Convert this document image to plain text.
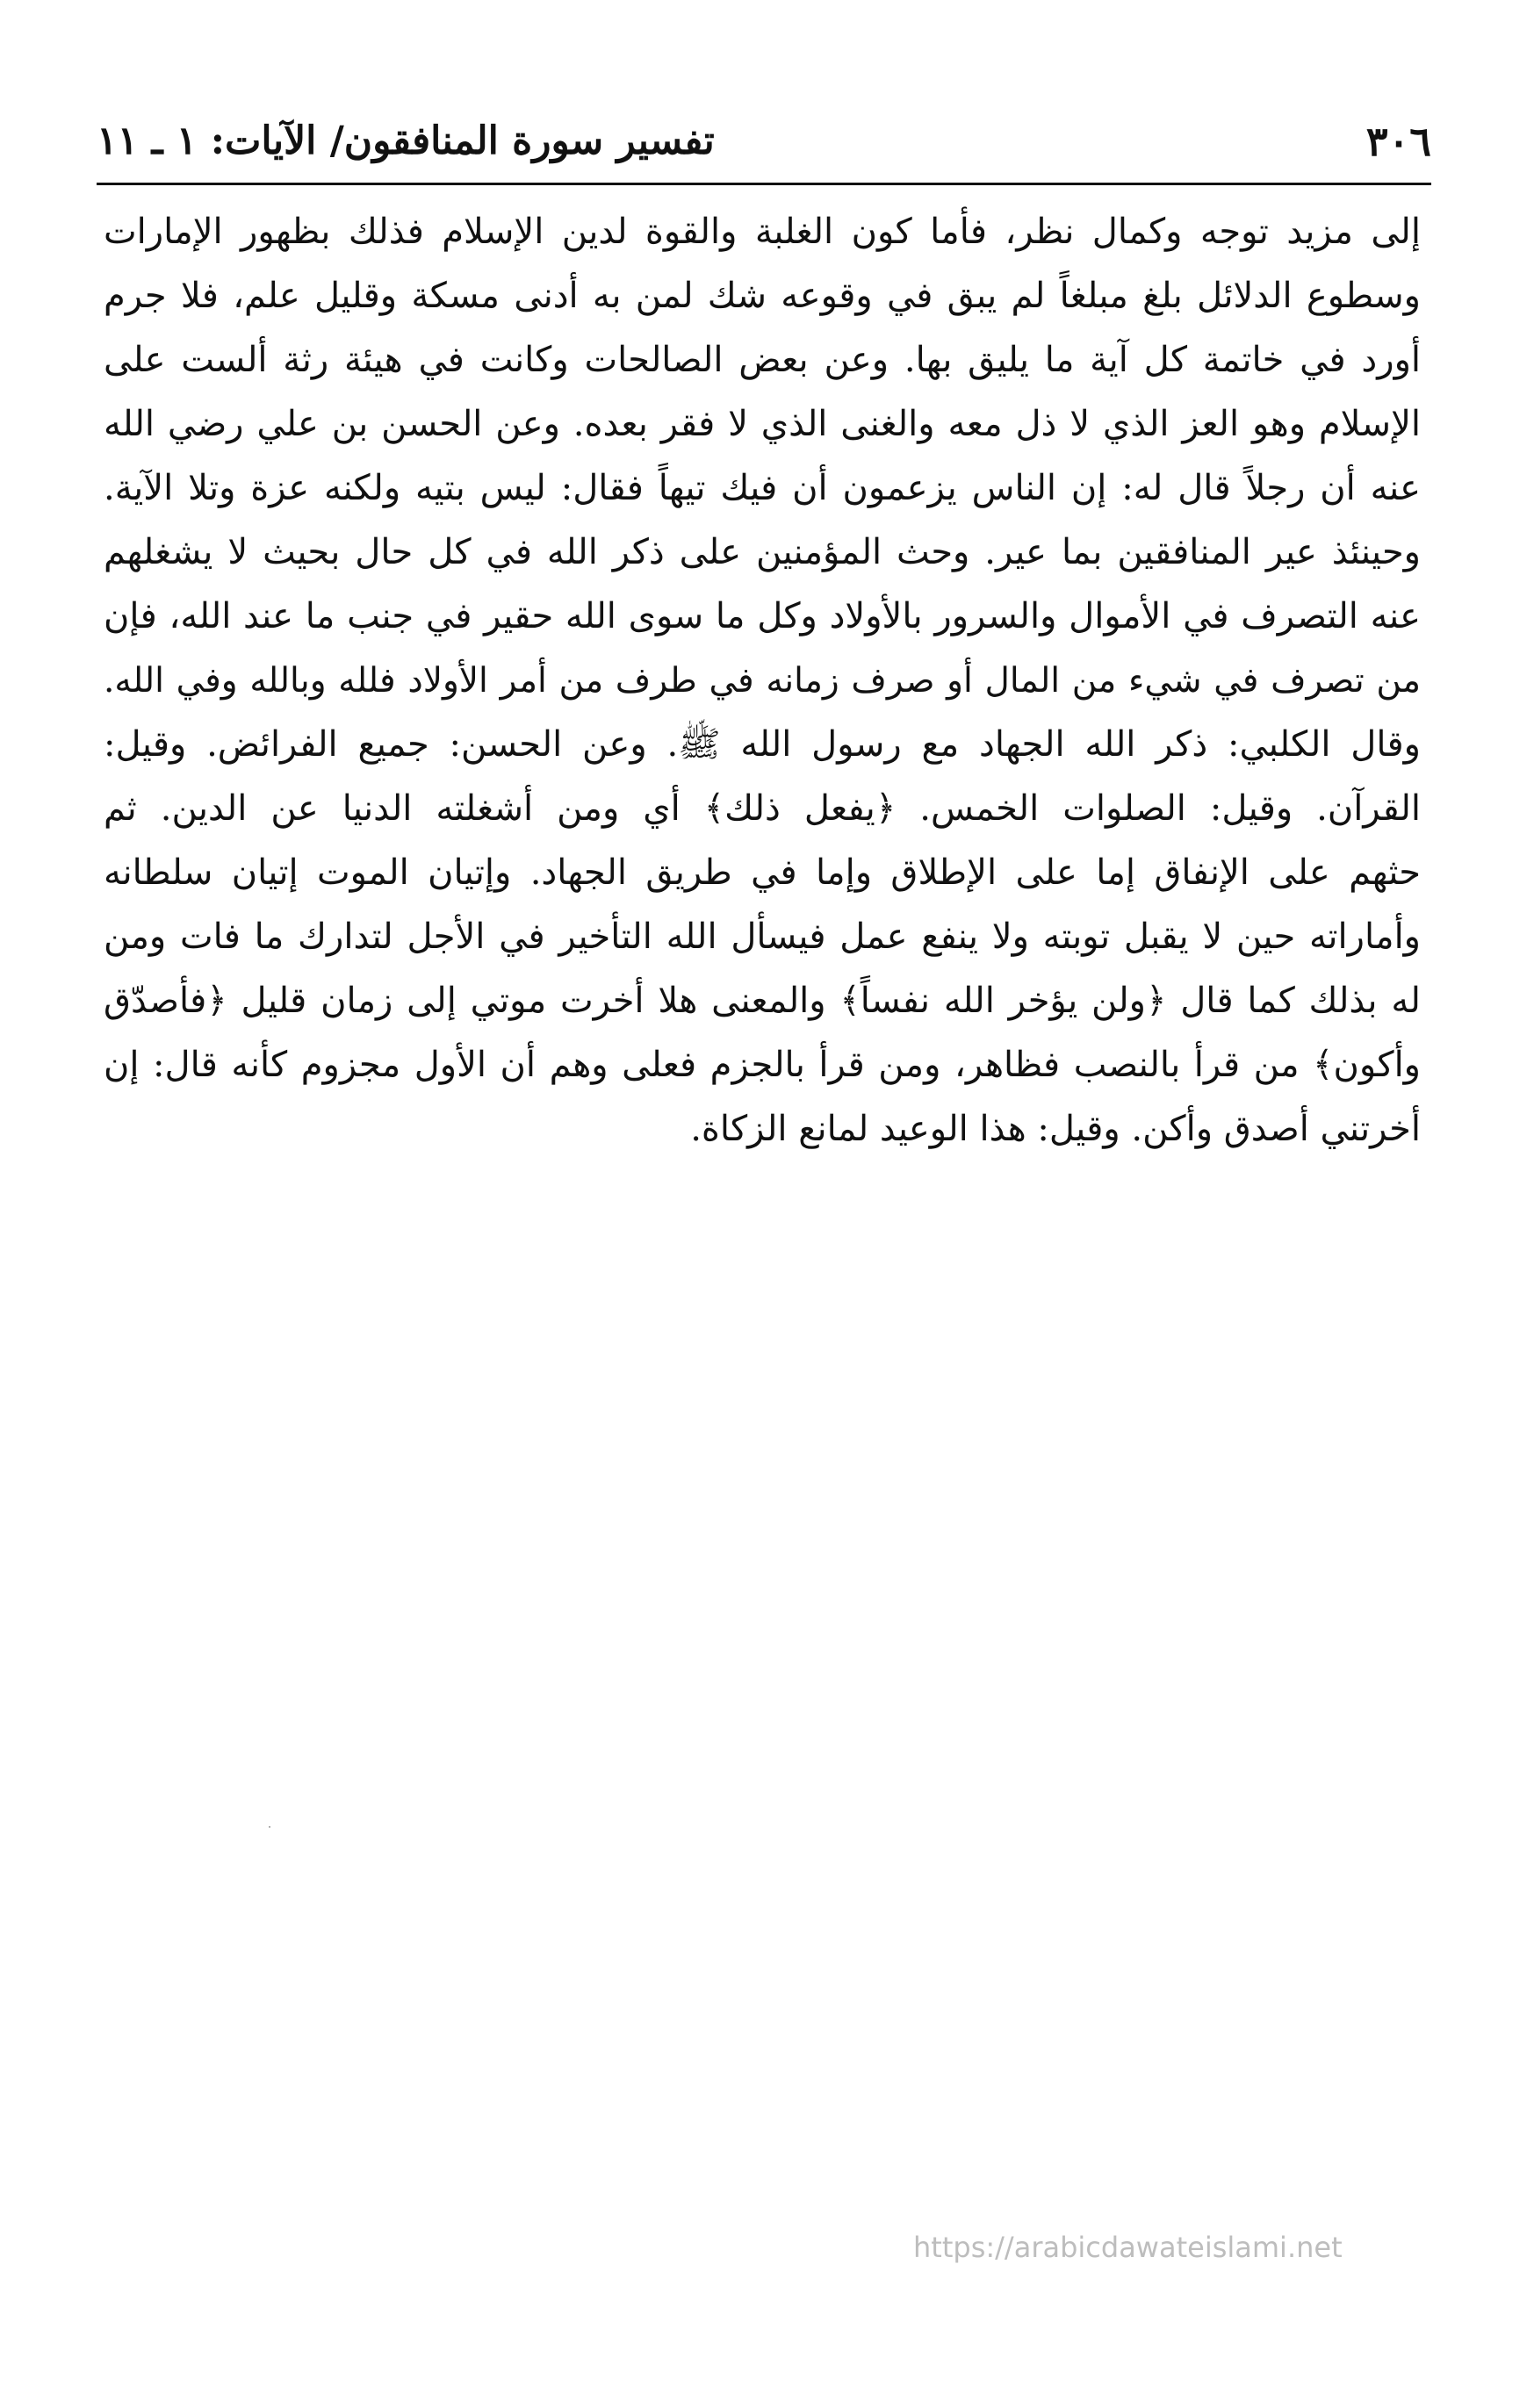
٣٠٦
تفسير سورة المنافقون/ الآيات: ١ ـ ١١
إلى مزيد توجه وكمال نظر، فأما كون الغلبة والقوة لدين الإسلام فذلك بظهور الإمارات
وسطوع الدلائل بلغ مبلغاً لم يبق في وقوعه شك لمن به أدنى مسكة وقليل علم، فلا جرم
أورد في خاتمة كل آية ما يليق بها. وعن بعض الصالحات وكانت في هيئة رثة ألست على
الإسلام وهو العز الذي لا ذل معه والغنى الذي لا فقر بعده. وعن الحسن بن علي رضي الله
عنه أن رجلاً قال له: إن الناس يزعمون أن فيك تيهاً فقال: ليس بتيه ولكنه عزة وتلا الآية.
وحينئذ عير المنافقين بما عير. وحث المؤمنين على ذكر الله في كل حال بحيث لا يشغلهم
عنه التصرف في الأموال والسرور بالأولاد وكل ما سوى الله حقير في جنب ما عند الله، فإن
من تصرف في شيء من المال أو صرف زمانه في طرف من أمر الأولاد فلله وبالله وفي الله.
وقال الكلبي: ذكر الله الجهاد مع رسول الله ﷺ. وعن الحسن: جميع الفرائض. وقيل:
القرآن. وقيل: الصلوات الخمس. ﴿يفعل ذلك﴾ أي ومن أشغلته الدنيا عن الدين. ثم
حثهم على الإنفاق إما على الإطلاق وإما في طريق الجهاد. وإتيان الموت إتيان سلطانه
وأماراته حين لا يقبل توبته ولا ينفع عمل فيسأل الله التأخير في الأجل لتدارك ما فات ومن
له بذلك كما قال ﴿ولن يؤخر الله نفساً﴾ والمعنى هلا أخرت موتي إلى زمان قليل ﴿فأصدّق
وأكون﴾ من قرأ بالنصب فظاهر، ومن قرأ بالجزم فعلى وهم أن الأول مجزوم كأنه قال: إن
أخرتني أصدق وأكن. وقيل: هذا الوعيد لمانع الزكاة.
https://arabicdawateislami.net
